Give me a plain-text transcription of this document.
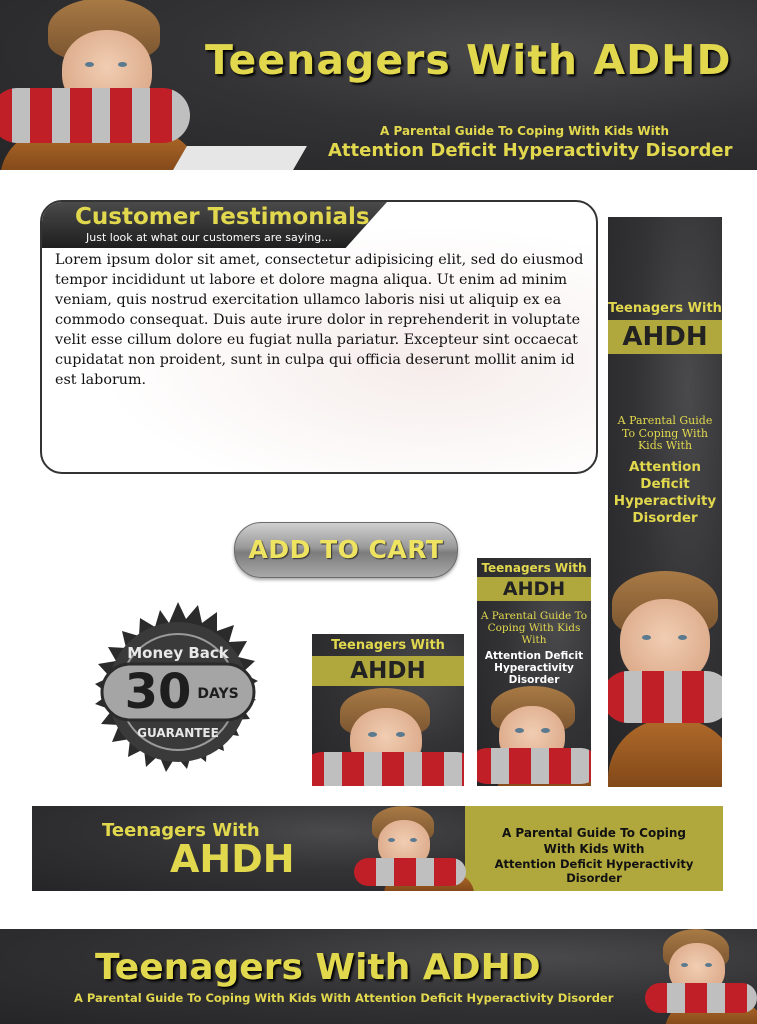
Teenagers With ADHD
A Parental Guide To Coping With Kids With
Attention Deficit Hyperactivity Disorder
Customer Testimonials
Just look at what our customers are saying...
Lorem ipsum dolor sit amet, consectetur adipisicing elit, sed do eiusmod tempor incididunt ut labore et dolore magna aliqua. Ut enim ad minim veniam, quis nostrud exercitation ullamco laboris nisi ut aliquip ex ea commodo consequat. Duis aute irure dolor in reprehenderit in voluptate velit esse cillum dolore eu fugiat nulla pariatur. Excepteur sint occaecat cupidatat non proident, sunt in culpa qui officia deserunt mollit anim id est laborum.
ADD TO CART
Money Back
30 DAYS
GUARANTEE
Teenagers With
AHDH
Teenagers With
AHDH
A Parental Guide To Coping With Kids With
Attention Deficit Hyperactivity Disorder
Teenagers With
AHDH
A Parental Guide To Coping With Kids With
Attention Deficit Hyperactivity Disorder
Teenagers With
AHDH
A Parental Guide To Coping
With Kids With
Attention Deficit Hyperactivity Disorder
Teenagers With ADHD
A Parental Guide To Coping With Kids With Attention Deficit Hyperactivity Disorder
